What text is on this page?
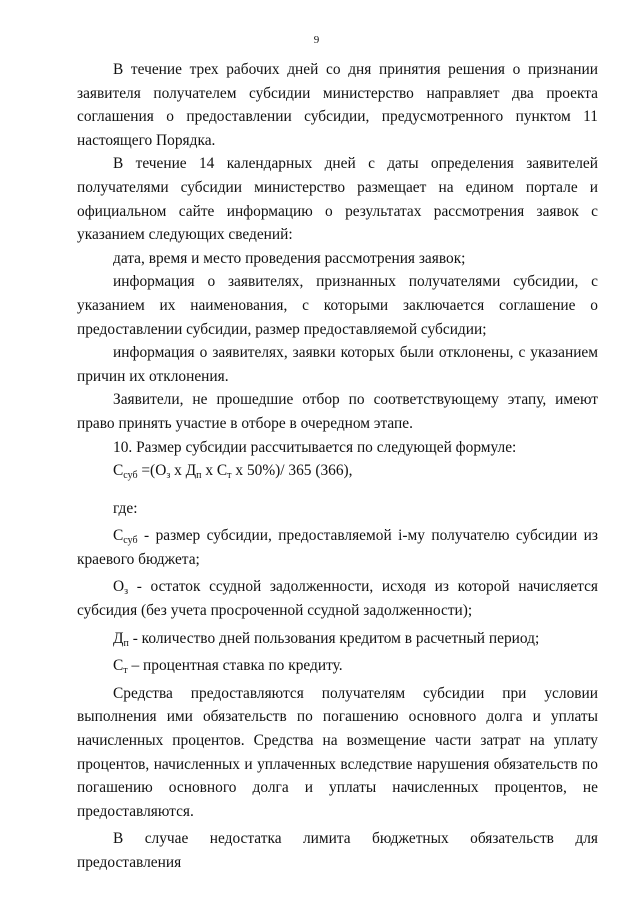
9

В течение трех рабочих дней со дня принятия решения о признании заявителя получателем субсидии министерство направляет два проекта соглашения о предоставлении субсидии, предусмотренного пунктом 11 настоящего Порядка.

В течение 14 календарных дней с даты определения заявителей получателями субсидии министерство размещает на едином портале и официальном сайте информацию о результатах рассмотрения заявок с указанием следующих сведений:

дата, время и место проведения рассмотрения заявок;

информация о заявителях, признанных получателями субсидии, с указанием их наименования, с которыми заключается соглашение о предоставлении субсидии, размер предоставляемой субсидии;

информация о заявителях, заявки которых были отклонены, с указанием причин их отклонения.

Заявители, не прошедшие отбор по соответствующему этапу, имеют право принять участие в отборе в очередном этапе.

10. Размер субсидии рассчитывается по следующей формуле:

$С_{суб} =(О_з$ х $Д_п$ х $С_т$ х 50%)/ 365 (366),

где:

$С_{суб}$ - размер субсидии, предоставляемой i-му получателю субсидии из краевого бюджета;

$О_з$ - остаток ссудной задолженности, исходя из которой начисляется субсидия (без учета просроченной ссудной задолженности);

$Д_п$ - количество дней пользования кредитом в расчетный период;

$С_т$ – процентная ставка по кредиту.

Средства предоставляются получателям субсидии при условии выполнения ими обязательств по погашению основного долга и уплаты начисленных процентов. Средства на возмещение части затрат на уплату процентов, начисленных и уплаченных вследствие нарушения обязательств по погашению основного долга и уплаты начисленных процентов, не предоставляются.

В случае недостатка лимита бюджетных обязательств для предоставления
